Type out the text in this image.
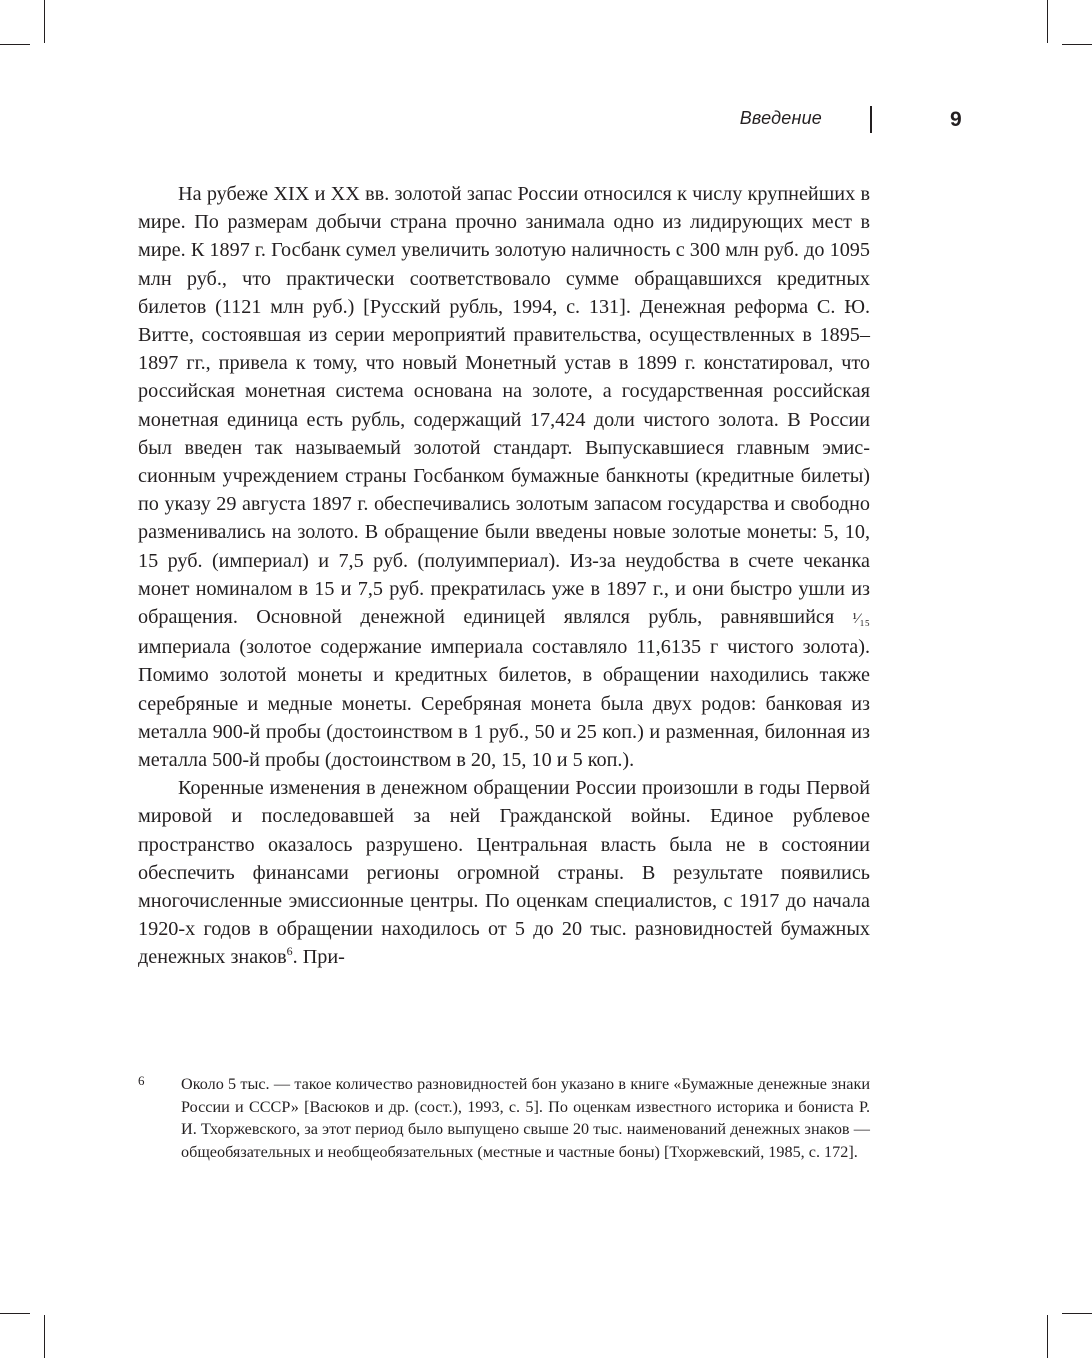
Введение	9

На рубеже XIX и XX вв. золотой запас России относился к числу крупнейших в мире. По размерам добычи страна прочно занимала одно из лидирующих мест в мире. К 1897 г. Госбанк сумел увеличить золотую наличность с 300 млн руб. до 1095 млн руб., что практически соответствовало сумме обращавшихся кредитных билетов (1121 млн руб.) [Русский рубль, 1994, с. 131]. Денежная реформа С. Ю. Витте, состоявшая из серии мероприятий правительства, осуществленных в 1895–1897 гг., привела к тому, что новый Монетный устав в 1899 г. констатировал, что российская монетная система основана на золоте, а государственная российская монетная единица есть рубль, содержащий 17,424 доли чистого золота. В России был введен так называемый золотой стандарт. Выпускавшиеся главным эмиссионным учреждением страны Госбанком бумажные банкноты (кредитные билеты) по указу 29 августа 1897 г. обеспечивались золотым запасом государства и свободно разменивались на золото. В обращение были введены новые золотые монеты: 5, 10, 15 руб. (империал) и 7,5 руб. (полуимпериал). Из-за неудобства в счете чеканка монет номиналом в 15 и 7,5 руб. прекратилась уже в 1897 г., и они быстро ушли из обращения. Основной денежной единицей являлся рубль, равнявшийся ¹⁄₁₅ империала (золотое содержание империала составляло 11,6135 г чистого золота). Помимо золотой монеты и кредитных билетов, в обращении находились также серебряные и медные монеты. Серебряная монета была двух родов: банковая из металла 900-й пробы (достоинством в 1 руб., 50 и 25 коп.) и разменная, билонная из металла 500-й пробы (достоинством в 20, 15, 10 и 5 коп.).

Коренные изменения в денежном обращении России произошли в годы Первой мировой и последовавшей за ней Гражданской войны. Единое рублевое пространство оказалось разрушено. Центральная власть была не в состоянии обеспечить финансами регионы огромной страны. В результате появились многочисленные эмиссионные центры. По оценкам специалистов, с 1917 до начала 1920-х годов в обращении находилось от 5 до 20 тыс. разновидностей бумажных денежных знаков$^6$. При-

6 Около 5 тыс. — такое количество разновидностей бон указано в книге «Бумажные денежные знаки России и СССР» [Васюков и др. (сост.), 1993, с. 5]. По оценкам известного историка и бониста Р. И. Тхоржевского, за этот период было выпущено свыше 20 тыс. наименований денежных знаков — общеобязательных и необщеобязательных (местные и частные боны) [Тхоржевский, 1985, с. 172].
